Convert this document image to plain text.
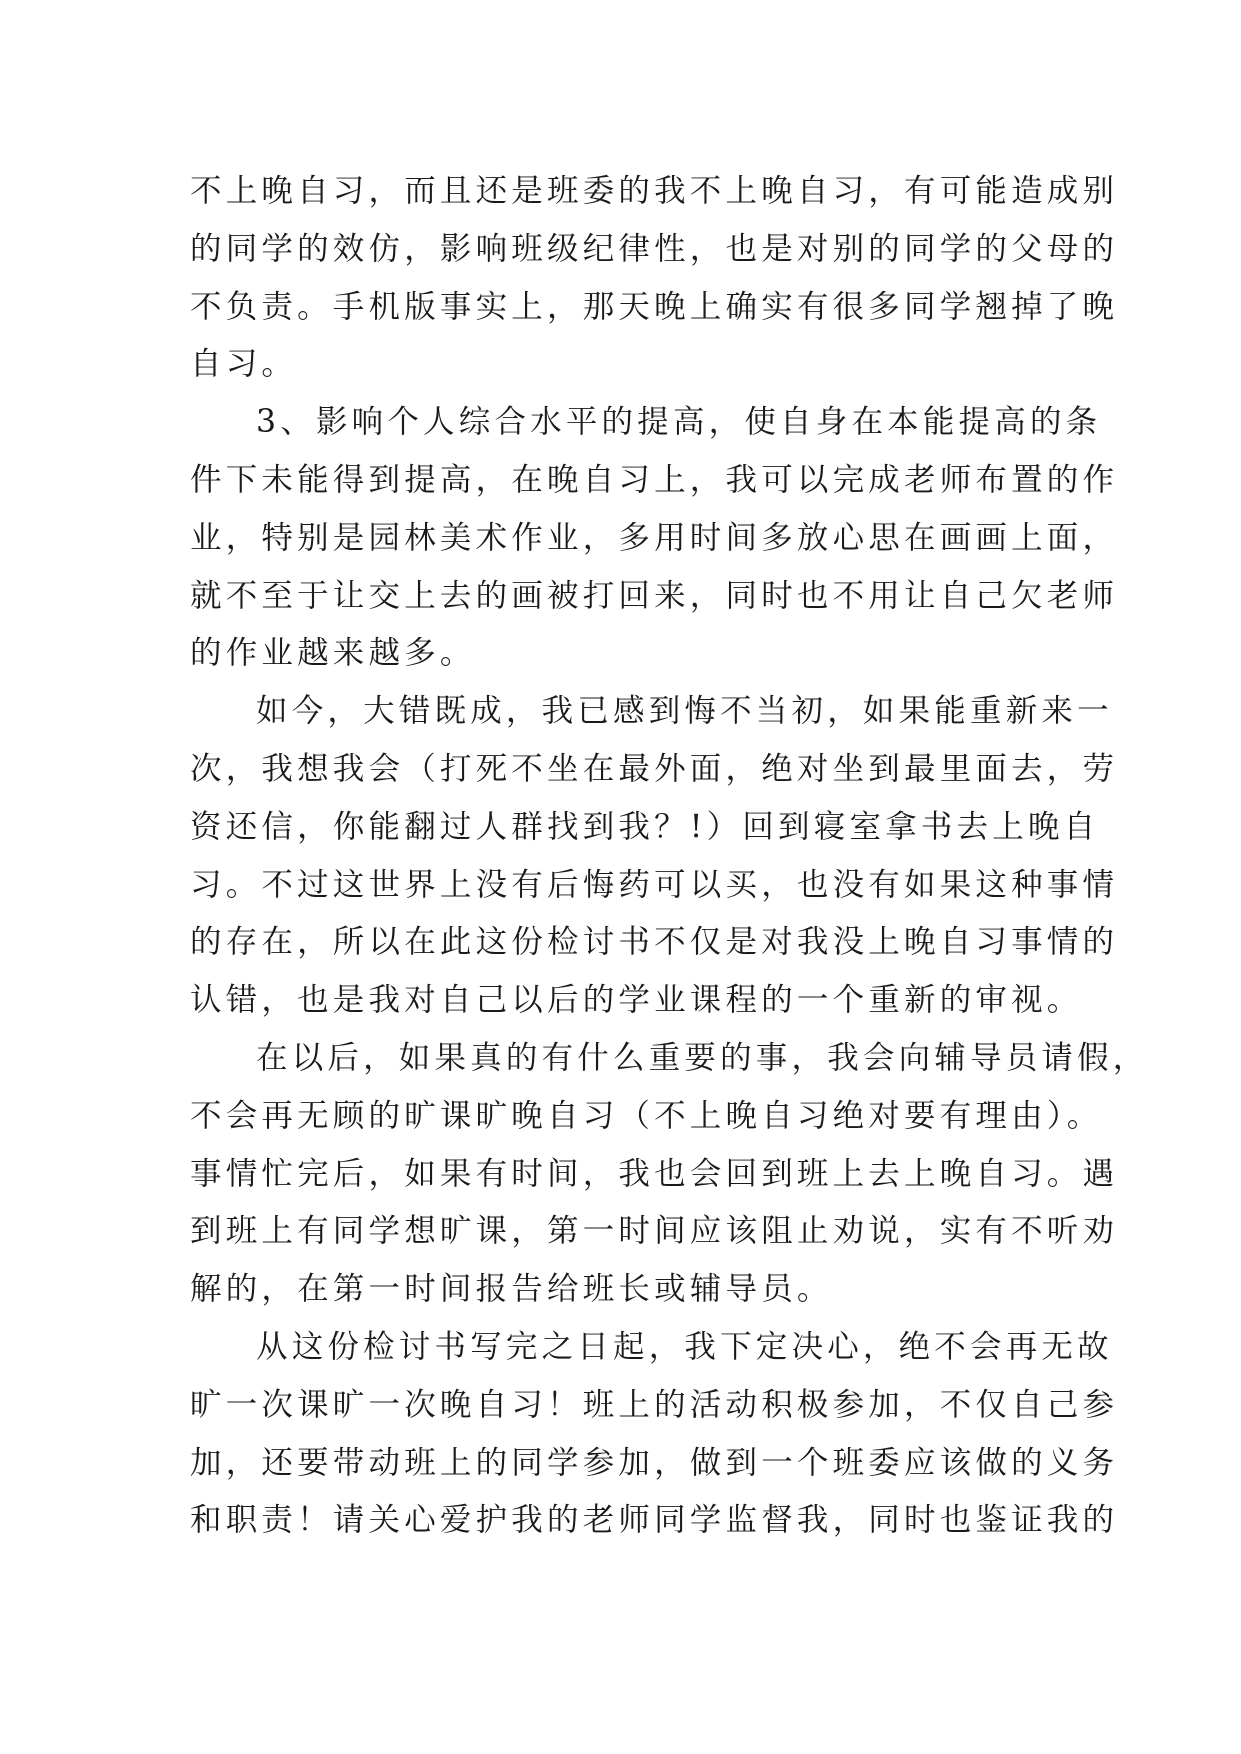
不上晚自习，而且还是班委的我不上晚自习，有可能造成别
的同学的效仿，影响班级纪律性，也是对别的同学的父母的
不负责。手机版事实上，那天晚上确实有很多同学翘掉了晚
自习。
3、影响个人综合水平的提高，使自身在本能提高的条
件下未能得到提高，在晚自习上，我可以完成老师布置的作
业，特别是园林美术作业，多用时间多放心思在画画上面，
就不至于让交上去的画被打回来，同时也不用让自己欠老师
的作业越来越多。
如今，大错既成，我已感到悔不当初，如果能重新来一
次，我想我会（打死不坐在最外面，绝对坐到最里面去，劳
资还信，你能翻过人群找到我？!）回到寝室拿书去上晚自
习。不过这世界上没有后悔药可以买，也没有如果这种事情
的存在，所以在此这份检讨书不仅是对我没上晚自习事情的
认错，也是我对自己以后的学业课程的一个重新的审视。
在以后，如果真的有什么重要的事，我会向辅导员请假，
不会再无顾的旷课旷晚自习（不上晚自习绝对要有理由）。
事情忙完后，如果有时间，我也会回到班上去上晚自习。遇
到班上有同学想旷课，第一时间应该阻止劝说，实有不听劝
解的，在第一时间报告给班长或辅导员。
从这份检讨书写完之日起，我下定决心，绝不会再无故
旷一次课旷一次晚自习！班上的活动积极参加，不仅自己参
加，还要带动班上的同学参加，做到一个班委应该做的义务
和职责！请关心爱护我的老师同学监督我，同时也鉴证我的
